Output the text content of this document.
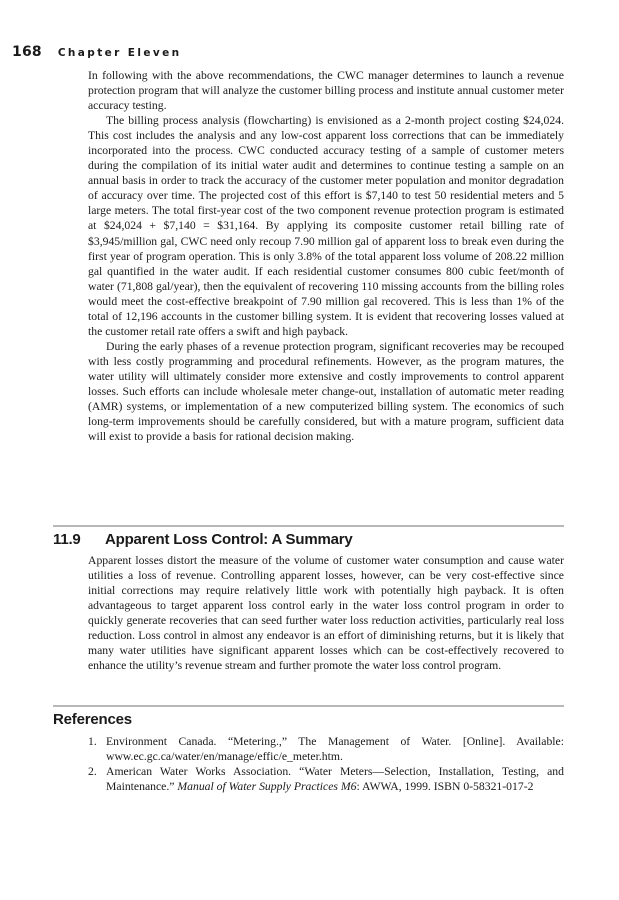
168 Chapter Eleven

In following with the above recommendations, the CWC manager determines to launch a revenue protection program that will analyze the customer billing process and institute annual customer meter accuracy testing.

The billing process analysis (flowcharting) is envisioned as a 2-month project costing $24,024. This cost includes the analysis and any low-cost apparent loss corrections that can be immediately incorporated into the process. CWC conducted accuracy testing of a sample of customer meters during the compilation of its initial water audit and determines to continue testing a sample on an annual basis in order to track the accuracy of the customer meter population and monitor degradation of accuracy over time. The projected cost of this effort is $7,140 to test 50 residential meters and 5 large meters. The total first-year cost of the two component revenue protection program is estimated at $24,024 + $7,140 = $31,164. By applying its composite customer retail billing rate of $3,945/million gal, CWC need only recoup 7.90 million gal of apparent loss to break even during the first year of program operation. This is only 3.8% of the total apparent loss volume of 208.22 million gal quantified in the water audit. If each residential customer consumes 800 cubic feet/month of water (71,808 gal/year), then the equivalent of recovering 110 missing accounts from the billing roles would meet the cost-effective breakpoint of 7.90 million gal recovered. This is less than 1% of the total of 12,196 accounts in the customer billing system. It is evident that recovering losses valued at the customer retail rate offers a swift and high payback.

During the early phases of a revenue protection program, significant recoveries may be recouped with less costly programming and procedural refinements. However, as the program matures, the water utility will ultimately consider more extensive and costly improvements to control apparent losses. Such efforts can include wholesale meter change-out, installation of automatic meter reading (AMR) systems, or implementation of a new computerized billing system. The economics of such long-term improvements should be carefully considered, but with a mature program, sufficient data will exist to provide a basis for rational decision making.

11.9 Apparent Loss Control: A Summary

Apparent losses distort the measure of the volume of customer water consumption and cause water utilities a loss of revenue. Controlling apparent losses, however, can be very cost-effective since initial corrections may require relatively little work with potentially high payback. It is often advantageous to target apparent loss control early in the water loss control program in order to quickly generate recoveries that can seed further water loss reduction activities, particularly real loss reduction. Loss control in almost any endeavor is an effort of diminishing returns, but it is likely that many water utilities have significant apparent losses which can be cost-effectively recovered to enhance the utility’s revenue stream and further promote the water loss control program.

References
1. Environment Canada. “Metering.,” The Management of Water. [Online]. Available: www.ec.gc.ca/water/en/manage/effic/e_meter.htm.
2. American Water Works Association. “Water Meters—Selection, Installation, Testing, and Maintenance.” Manual of Water Supply Practices M6: AWWA, 1999. ISBN 0-58321-017-2
